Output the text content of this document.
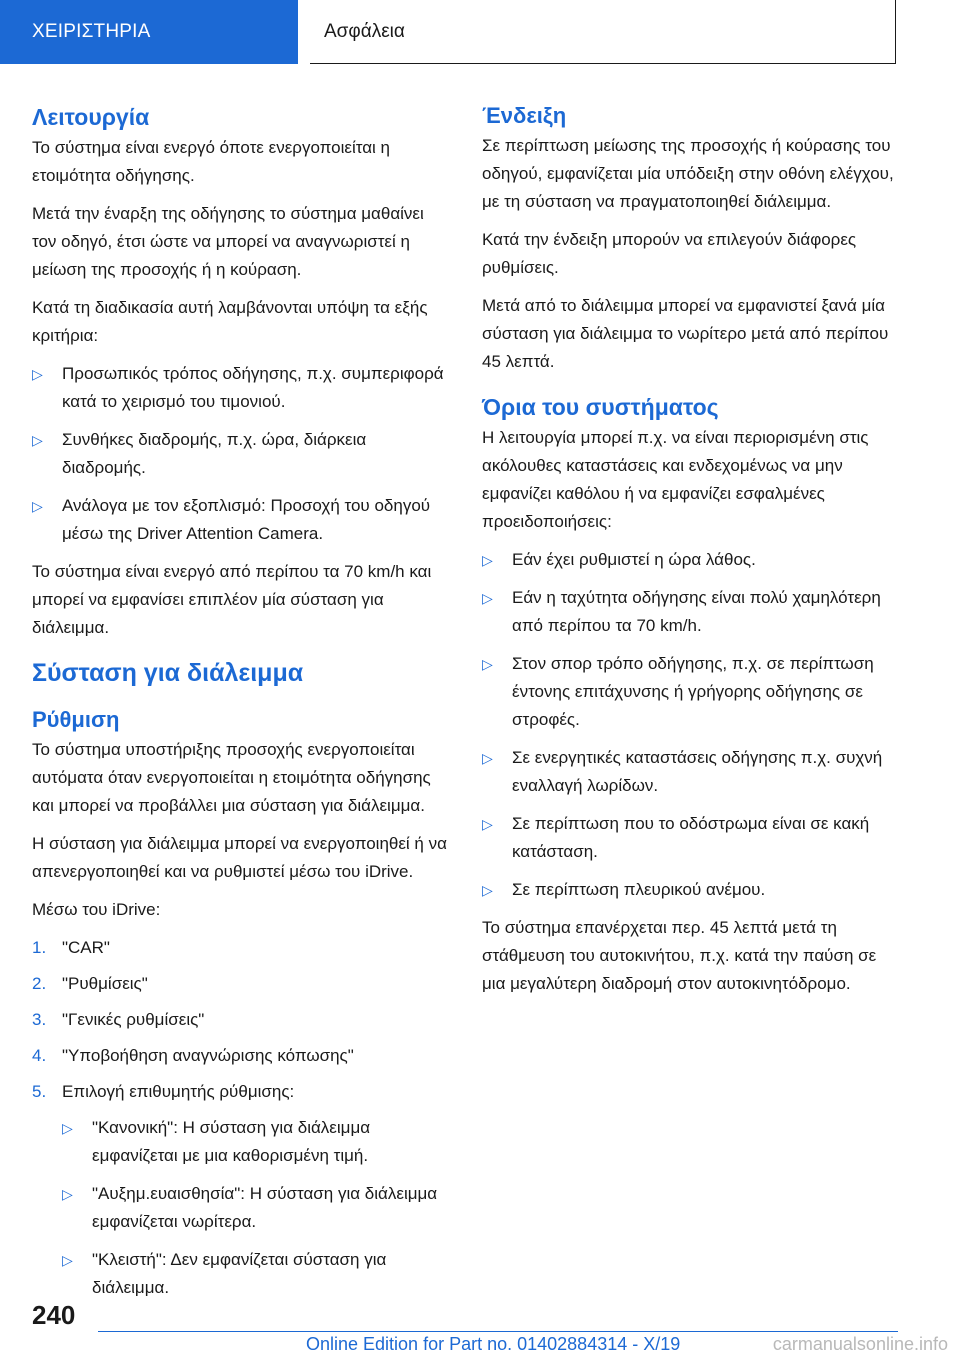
ΧΕΙΡΙΣΤΗΡΙΑ	Ασφάλεια
Λειτουργία

Το σύστημα είναι ενεργό όποτε ενεργοποιείται η ετοιμότητα οδήγησης.

Μετά την έναρξη της οδήγησης το σύστημα μαθαίνει τον οδηγό, έτσι ώστε να μπορεί να αναγνωριστεί η μείωση της προσοχής ή η κούραση.

Κατά τη διαδικασία αυτή λαμβάνονται υπόψη τα εξής κριτήρια:

▷ Προσωπικός τρόπος οδήγησης, π.χ. συμπεριφορά κατά το χειρισμό του τιμονιού.
▷ Συνθήκες διαδρομής, π.χ. ώρα, διάρκεια διαδρομής.
▷ Ανάλογα με τον εξοπλισμό: Προσοχή του οδηγού μέσω της Driver Attention Camera.

Το σύστημα είναι ενεργό από περίπου τα 70 km/h και μπορεί να εμφανίσει επιπλέον μία σύσταση για διάλειμμα.

Σύσταση για διάλειμμα
Ρύθμιση

Το σύστημα υποστήριξης προσοχής ενεργοποιείται αυτόματα όταν ενεργοποιείται η ετοιμότητα οδήγησης και μπορεί να προβάλλει μια σύσταση για διάλειμμα.

Η σύσταση για διάλειμμα μπορεί να ενεργοποιηθεί ή να απενεργοποιηθεί και να ρυθμιστεί μέσω του iDrive.

Μέσω του iDrive:

1. "CAR"
2. "Ρυθμίσεις"
3. "Γενικές ρυθμίσεις"
4. "Υποβοήθηση αναγνώρισης κόπωσης"
5. Επιλογή επιθυμητής ρύθμισης:
▷ "Κανονική": Η σύσταση για διάλειμμα εμφανίζεται με μια καθορισμένη τιμή.
▷ "Αυξημ.ευαισθησία": Η σύσταση για διάλειμμα εμφανίζεται νωρίτερα.
▷ "Κλειστή": Δεν εμφανίζεται σύσταση για διάλειμμα.
Ένδειξη

Σε περίπτωση μείωσης της προσοχής ή κούρασης του οδηγού, εμφανίζεται μία υπόδειξη στην οθόνη ελέγχου, με τη σύσταση να πραγματοποιηθεί διάλειμμα.

Κατά την ένδειξη μπορούν να επιλεγούν διάφορες ρυθμίσεις.

Μετά από το διάλειμμα μπορεί να εμφανιστεί ξανά μία σύσταση για διάλειμμα το νωρίτερο μετά από περίπου 45 λεπτά.

Όρια του συστήματος

Η λειτουργία μπορεί π.χ. να είναι περιορισμένη στις ακόλουθες καταστάσεις και ενδεχομένως να μην εμφανίζει καθόλου ή να εμφανίζει εσφαλμένες προειδοποιήσεις:

▷ Εάν έχει ρυθμιστεί η ώρα λάθος.
▷ Εάν η ταχύτητα οδήγησης είναι πολύ χαμηλότερη από περίπου τα 70 km/h.
▷ Στον σπορ τρόπο οδήγησης, π.χ. σε περίπτωση έντονης επιτάχυνσης ή γρήγορης οδήγησης σε στροφές.
▷ Σε ενεργητικές καταστάσεις οδήγησης π.χ. συχνή εναλλαγή λωρίδων.
▷ Σε περίπτωση που το οδόστρωμα είναι σε κακή κατάσταση.
▷ Σε περίπτωση πλευρικού ανέμου.

Το σύστημα επανέρχεται περ. 45 λεπτά μετά τη στάθμευση του αυτοκινήτου, π.χ. κατά την παύση σε μια μεγαλύτερη διαδρομή στον αυτοκινητόδρομο.

240
Online Edition for Part no. 01402884314 - X/19	carmanualsonline.info
